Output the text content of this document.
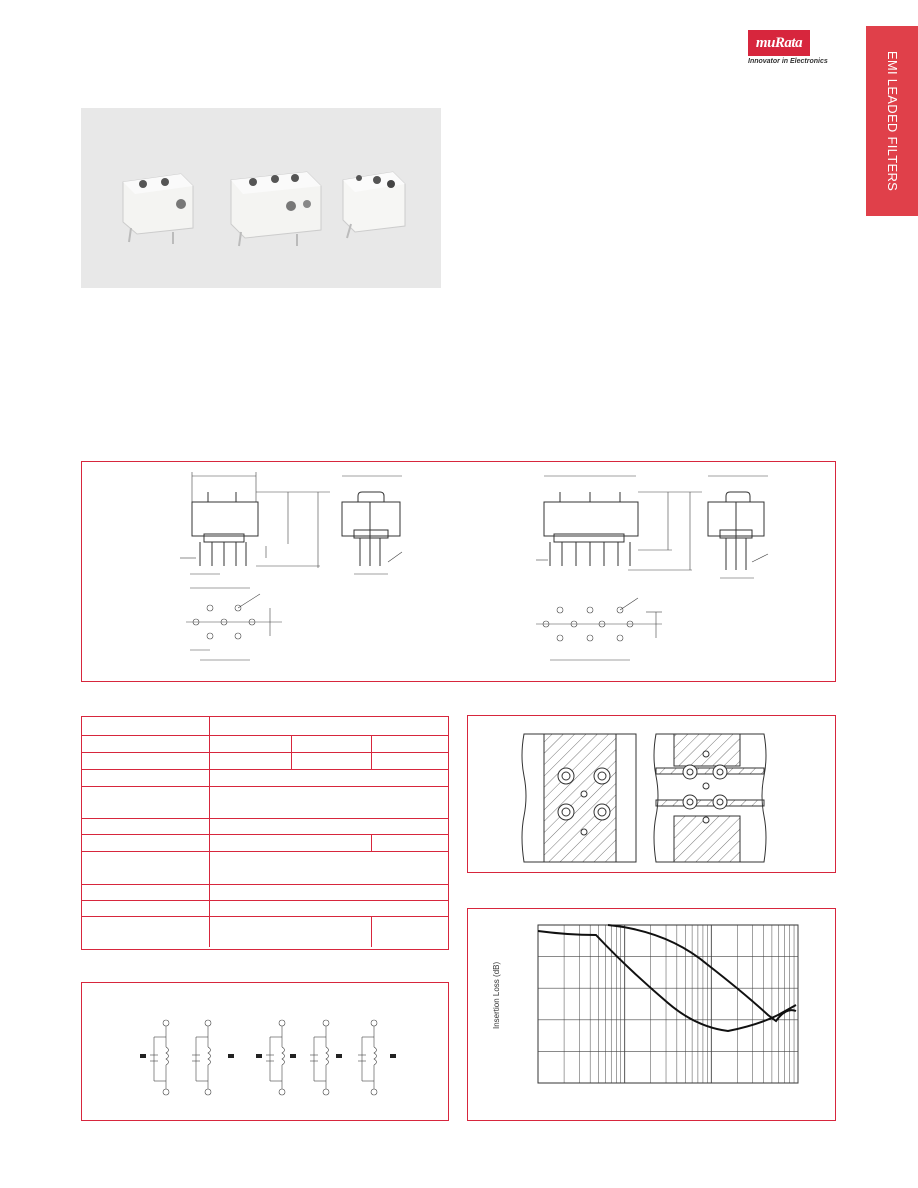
muRata
Innovator in Electronics	EMI LEADED FILTERS

Insertion Loss (dB)
